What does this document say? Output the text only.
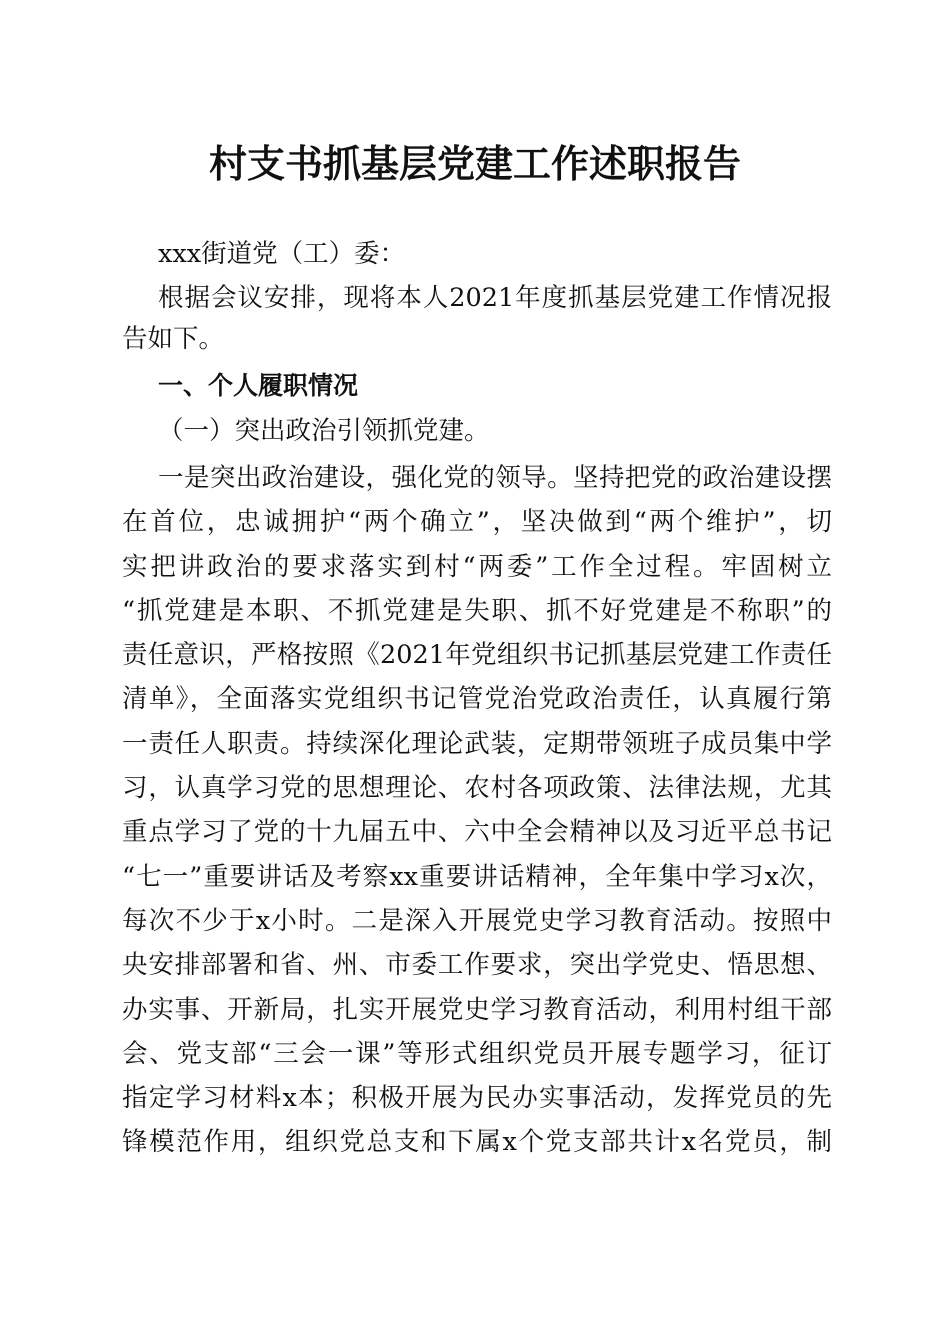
村支书抓基层党建工作述职报告

xxx街道党（工）委：

根据会议安排，现将本人2021年度抓基层党建工作情况报
告如下。

一、个人履职情况

（一）突出政治引领抓党建。

一是突出政治建设，强化党的领导。坚持把党的政治建设摆
在首位，忠诚拥护“两个确立”，坚决做到“两个维护”，切
实把讲政治的要求落实到村“两委”工作全过程。牢固树立
“抓党建是本职、不抓党建是失职、抓不好党建是不称职”的
责任意识，严格按照《2021年党组织书记抓基层党建工作责任
清单》，全面落实党组织书记管党治党政治责任，认真履行第
一责任人职责。持续深化理论武装，定期带领班子成员集中学
习，认真学习党的思想理论、农村各项政策、法律法规，尤其
重点学习了党的十九届五中、六中全会精神以及习近平总书记
“七一”重要讲话及考察xx重要讲话精神，全年集中学习x次，
每次不少于x小时。二是深入开展党史学习教育活动。按照中
央安排部署和省、州、市委工作要求，突出学党史、悟思想、
办实事、开新局，扎实开展党史学习教育活动，利用村组干部
会、党支部“三会一课”等形式组织党员开展专题学习，征订
指定学习材料x本；积极开展为民办实事活动，发挥党员的先
锋模范作用，组织党总支和下属x个党支部共计x名党员，制
